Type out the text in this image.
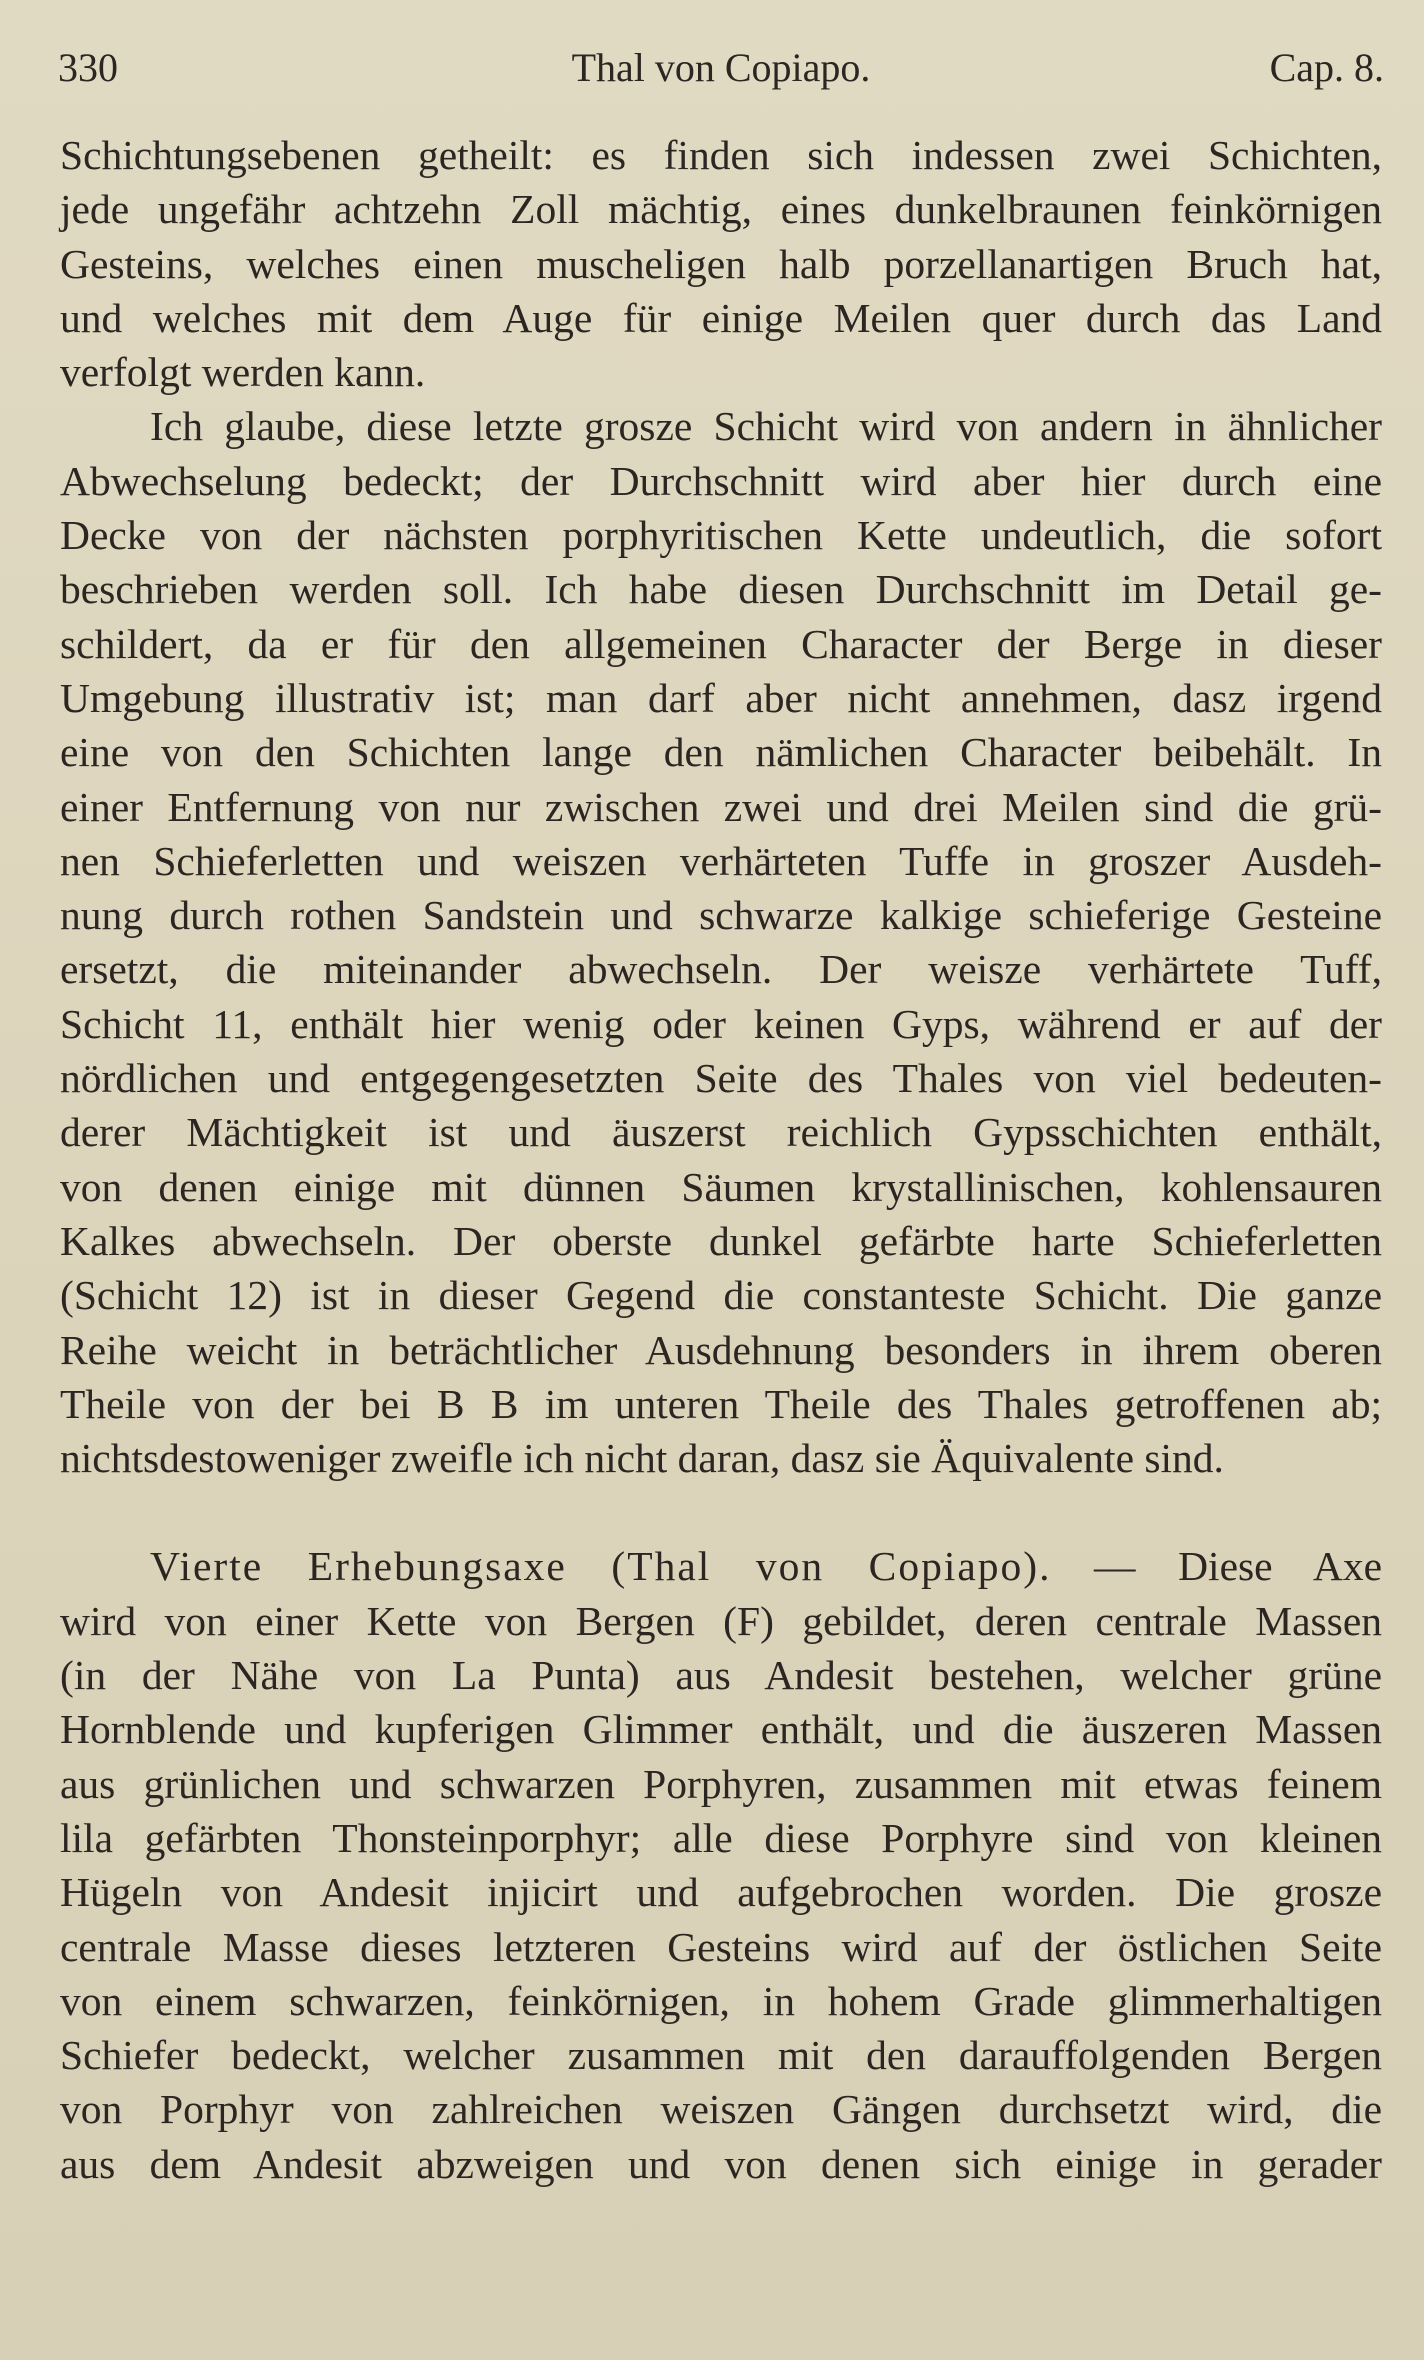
330	Thal von Copiapo.	Cap. 8.

Schichtungsebenen getheilt: es finden sich indessen zwei Schichten,
jede ungefähr achtzehn Zoll mächtig, eines dunkelbraunen feinkörnigen
Gesteins, welches einen muscheligen halb porzellanartigen Bruch hat,
und welches mit dem Auge für einige Meilen quer durch das Land
verfolgt werden kann.

Ich glaube, diese letzte grosze Schicht wird von andern in ähnlicher
Abwechselung bedeckt; der Durchschnitt wird aber hier durch eine
Decke von der nächsten porphyritischen Kette undeutlich, die sofort
beschrieben werden soll. Ich habe diesen Durchschnitt im Detail ge-
schildert, da er für den allgemeinen Character der Berge in dieser
Umgebung illustrativ ist; man darf aber nicht annehmen, dasz irgend
eine von den Schichten lange den nämlichen Character beibehält. In
einer Entfernung von nur zwischen zwei und drei Meilen sind die grü-
nen Schieferletten und weiszen verhärteten Tuffe in groszer Ausdeh-
nung durch rothen Sandstein und schwarze kalkige schieferige Gesteine
ersetzt, die miteinander abwechseln. Der weisze verhärtete Tuff,
Schicht 11, enthält hier wenig oder keinen Gyps, während er auf der
nördlichen und entgegengesetzten Seite des Thales von viel bedeuten-
derer Mächtigkeit ist und äuszerst reichlich Gypsschichten enthält,
von denen einige mit dünnen Säumen krystallinischen, kohlensauren
Kalkes abwechseln. Der oberste dunkel gefärbte harte Schieferletten
(Schicht 12) ist in dieser Gegend die constanteste Schicht. Die ganze
Reihe weicht in beträchtlicher Ausdehnung besonders in ihrem oberen
Theile von der bei B B im unteren Theile des Thales getroffenen ab;
nichtsdestoweniger zweifle ich nicht daran, dasz sie Äquivalente sind.

Vierte Erhebungsaxe (Thal von Copiapo). — Diese Axe
wird von einer Kette von Bergen (F) gebildet, deren centrale Massen
(in der Nähe von La Punta) aus Andesit bestehen, welcher grüne
Hornblende und kupferigen Glimmer enthält, und die äuszeren Massen
aus grünlichen und schwarzen Porphyren, zusammen mit etwas feinem
lila gefärbten Thonsteinporphyr; alle diese Porphyre sind von kleinen
Hügeln von Andesit injicirt und aufgebrochen worden. Die grosze
centrale Masse dieses letzteren Gesteins wird auf der östlichen Seite
von einem schwarzen, feinkörnigen, in hohem Grade glimmerhaltigen
Schiefer bedeckt, welcher zusammen mit den darauffolgenden Bergen
von Porphyr von zahlreichen weiszen Gängen durchsetzt wird, die
aus dem Andesit abzweigen und von denen sich einige in gerader
